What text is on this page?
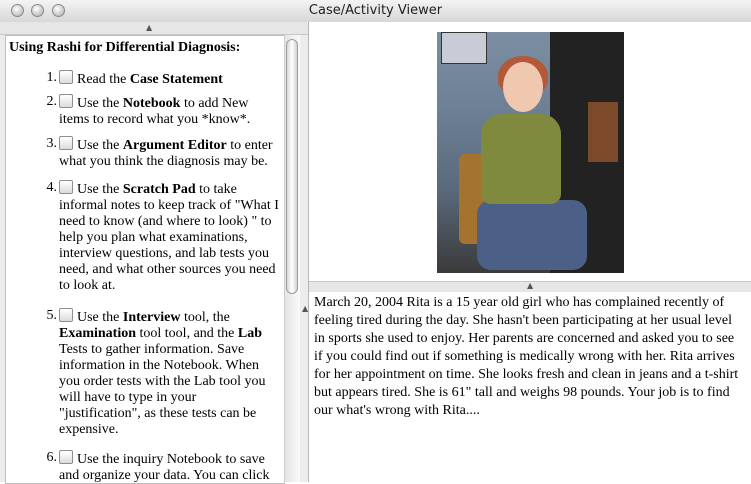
Case/Activity Viewer
▲

Using Rashi for Differential Diagnosis:

1.	Read the Case Statement
2.	Use the Notebook to add New items to record what you *know*.
3.	Use the Argument Editor to enter what you think the diagnosis may be.
4.	Use the Scratch Pad to take informal notes to keep track of "What I need to know (and where to look) " to help you plan what examinations, interview questions, and lab tests you need, and what other sources you need to look at.
5.	Use the Interview tool, the Examination tool tool, and the Lab Tests to gather information. Save information in the Notebook. When you order tests with the Lab tool you will have to type in your "justification", as these tests can be expensive.
6.	Use the inquiry Notebook to save and organize your data. You can click
▲
▲ March 20, 2004 Rita is a 15 year old girl who has complained recently of feeling tired during the day. She hasn't been participating at her usual level in sports she used to enjoy. Her parents are concerned and asked you to see if you could find out if something is medically wrong with her. Rita arrives for her appointment on time. She looks fresh and clean in jeans and a t-shirt but appears tired. She is 61" tall and weighs 98 pounds. Your job is to find our what's wrong with Rita....
